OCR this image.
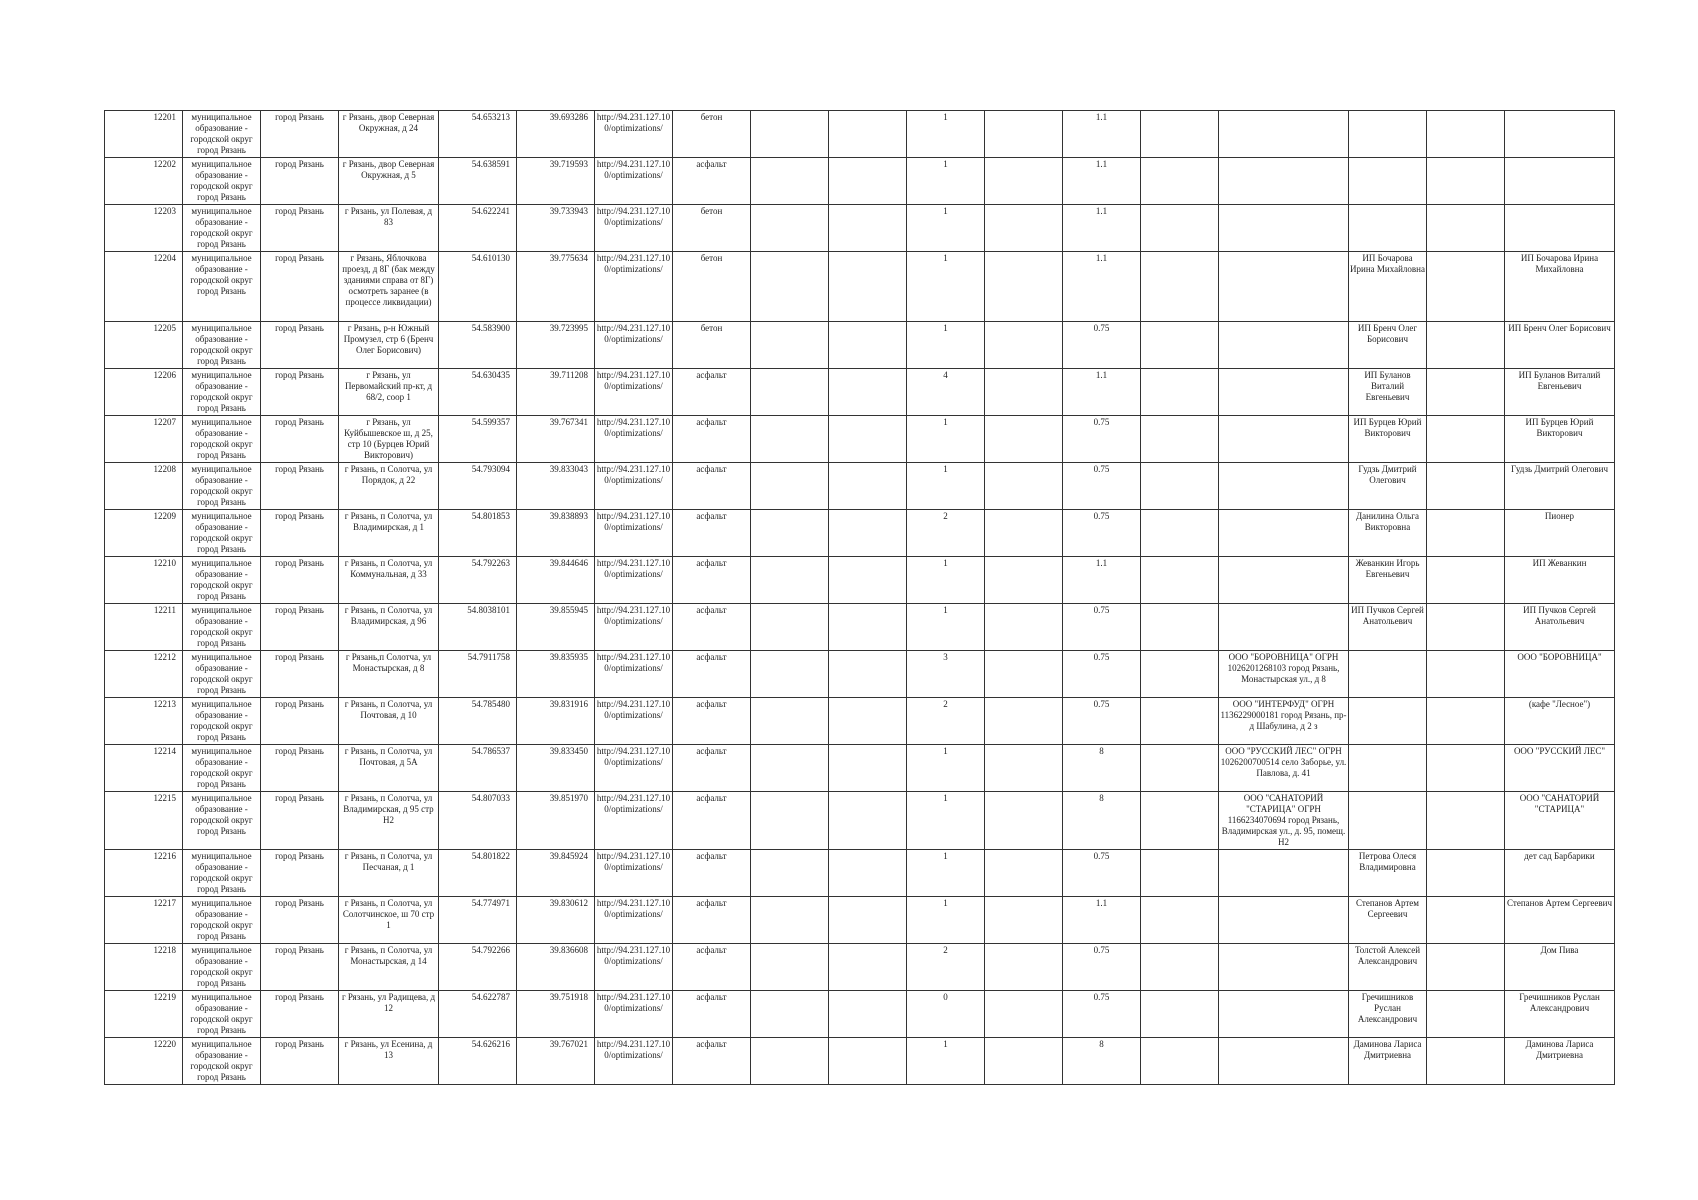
12201	муниципальное образование - городской округ город Рязань	город Рязань	г Рязань, двор Северная Окружная, д 24	54.653213	39.693286	http://94.231.127.10 0/optimizations/	бетон			1		1.1					
12202	муниципальное образование - городской округ город Рязань	город Рязань	г Рязань, двор Северная Окружная, д 5	54.638591	39.719593	http://94.231.127.10 0/optimizations/	асфальт			1		1.1					
12203	муниципальное образование - городской округ город Рязань	город Рязань	г Рязань, ул Полевая, д 83	54.622241	39.733943	http://94.231.127.10 0/optimizations/	бетон			1		1.1					
12204	муниципальное образование - городской округ город Рязань	город Рязань	г Рязань, Яблочкова проезд, д 8Г (бак между зданиями справа от 8Г) осмотреть заранее (в процессе ликвидации)	54.610130	39.775634	http://94.231.127.10 0/optimizations/	бетон			1		1.1			ИП Бочарова Ирина Михайловна		ИП Бочарова Ирина Михайловна
12205	муниципальное образование - городской округ город Рязань	город Рязань	г Рязань, р-н Южный Промузел, стр 6 (Бренч Олег Борисович)	54.583900	39.723995	http://94.231.127.10 0/optimizations/	бетон			1		0.75			ИП Бренч Олег Борисович		ИП Бренч Олег Борисович
12206	муниципальное образование - городской округ город Рязань	город Рязань	г Рязань, ул Первомайский пр-кт, д 68/2, соор 1	54.630435	39.711208	http://94.231.127.10 0/optimizations/	асфальт			4		1.1			ИП Буланов Виталий Евгеньевич		ИП Буланов Виталий Евгеньевич
12207	муниципальное образование - городской округ город Рязань	город Рязань	г Рязань, ул Куйбышевское ш, д 25, стр 10 (Бурцев Юрий Викторович)	54.599357	39.767341	http://94.231.127.10 0/optimizations/	асфальт			1		0.75			ИП Бурцев Юрий Викторович		ИП Бурцев Юрий Викторович
12208	муниципальное образование - городской округ город Рязань	город Рязань	г Рязань, п Солотча, ул Порядок, д 22	54.793094	39.833043	http://94.231.127.10 0/optimizations/	асфальт			1		0.75			Гудзь Дмитрий Олегович		Гудзь Дмитрий Олегович
12209	муниципальное образование - городской округ город Рязань	город Рязань	г Рязань, п Солотча, ул Владимирская, д 1	54.801853	39.838893	http://94.231.127.10 0/optimizations/	асфальт			2		0.75			Данилина Ольга Викторовна		Пионер
12210	муниципальное образование - городской округ город Рязань	город Рязань	г Рязань, п Солотча, ул Коммунальная, д 33	54.792263	39.844646	http://94.231.127.10 0/optimizations/	асфальт			1		1.1			Жеванкин Игорь Евгеньевич		ИП Жеванкин
12211	муниципальное образование - городской округ город Рязань	город Рязань	г Рязань, п Солотча, ул Владимирская, д 96	54.8038101	39.855945	http://94.231.127.10 0/optimizations/	асфальт			1		0.75			ИП Пучков Сергей Анатольевич		ИП Пучков Сергей Анатольевич
12212	муниципальное образование - городской округ город Рязань	город Рязань	г Рязань,п Солотча, ул Монастырская, д 8	54.7911758	39.835935	http://94.231.127.10 0/optimizations/	асфальт			3		0.75		ООО "БОРОВНИЦА" ОГРН 1026201268103 город Рязань, Монастырская ул., д 8			ООО "БОРОВНИЦА"
12213	муниципальное образование - городской округ город Рязань	город Рязань	г Рязань, п Солотча, ул Почтовая, д 10	54.785480	39.831916	http://94.231.127.10 0/optimizations/	асфальт			2		0.75		ООО "ИНТЕРФУД" ОГРН 1136229000181 город Рязань, пр-д Шабулина, д 2 з			(кафе "Лесное")
12214	муниципальное образование - городской округ город Рязань	город Рязань	г Рязань, п Солотча, ул Почтовая, д 5А	54.786537	39.833450	http://94.231.127.10 0/optimizations/	асфальт			1		8		ООО "РУССКИЙ ЛЕС" ОГРН 1026200700514 село Заборье, ул. Павлова, д. 41			ООО "РУССКИЙ ЛЕС"
12215	муниципальное образование - городской округ город Рязань	город Рязань	г Рязань, п Солотча, ул Владимирская, д 95 стр Н2	54.807033	39.851970	http://94.231.127.10 0/optimizations/	асфальт			1		8		ООО "САНАТОРИЙ "СТАРИЦА" ОГРН 1166234070694 город Рязань, Владимирская ул., д. 95, помещ. Н2			ООО "САНАТОРИЙ "СТАРИЦА"
12216	муниципальное образование - городской округ город Рязань	город Рязань	г Рязань, п Солотча, ул Песчаная, д 1	54.801822	39.845924	http://94.231.127.10 0/optimizations/	асфальт			1		0.75			Петрова Олеся Владимировна		дет сад Барбарики
12217	муниципальное образование - городской округ город Рязань	город Рязань	г Рязань, п Солотча, ул Солотчинское, ш 70 стр 1	54.774971	39.830612	http://94.231.127.10 0/optimizations/	асфальт			1		1.1			Степанов Артем Сергеевич		Степанов Артем Сергеевич
12218	муниципальное образование - городской округ город Рязань	город Рязань	г Рязань, п Солотча, ул Монастырская, д 14	54.792266	39.836608	http://94.231.127.10 0/optimizations/	асфальт			2		0.75			Толстой Алексей Александрович		Дом Пива
12219	муниципальное образование - городской округ город Рязань	город Рязань	г Рязань, ул Радищева, д 12	54.622787	39.751918	http://94.231.127.10 0/optimizations/	асфальт			0		0.75			Гречишников Руслан Александрович		Гречишников Руслан Александрович
12220	муниципальное образование - городской округ город Рязань	город Рязань	г Рязань, ул Есенина, д 13	54.626216	39.767021	http://94.231.127.10 0/optimizations/	асфальт			1		8			Даминова Лариса Дмитриевна		Даминова Лариса Дмитриевна
